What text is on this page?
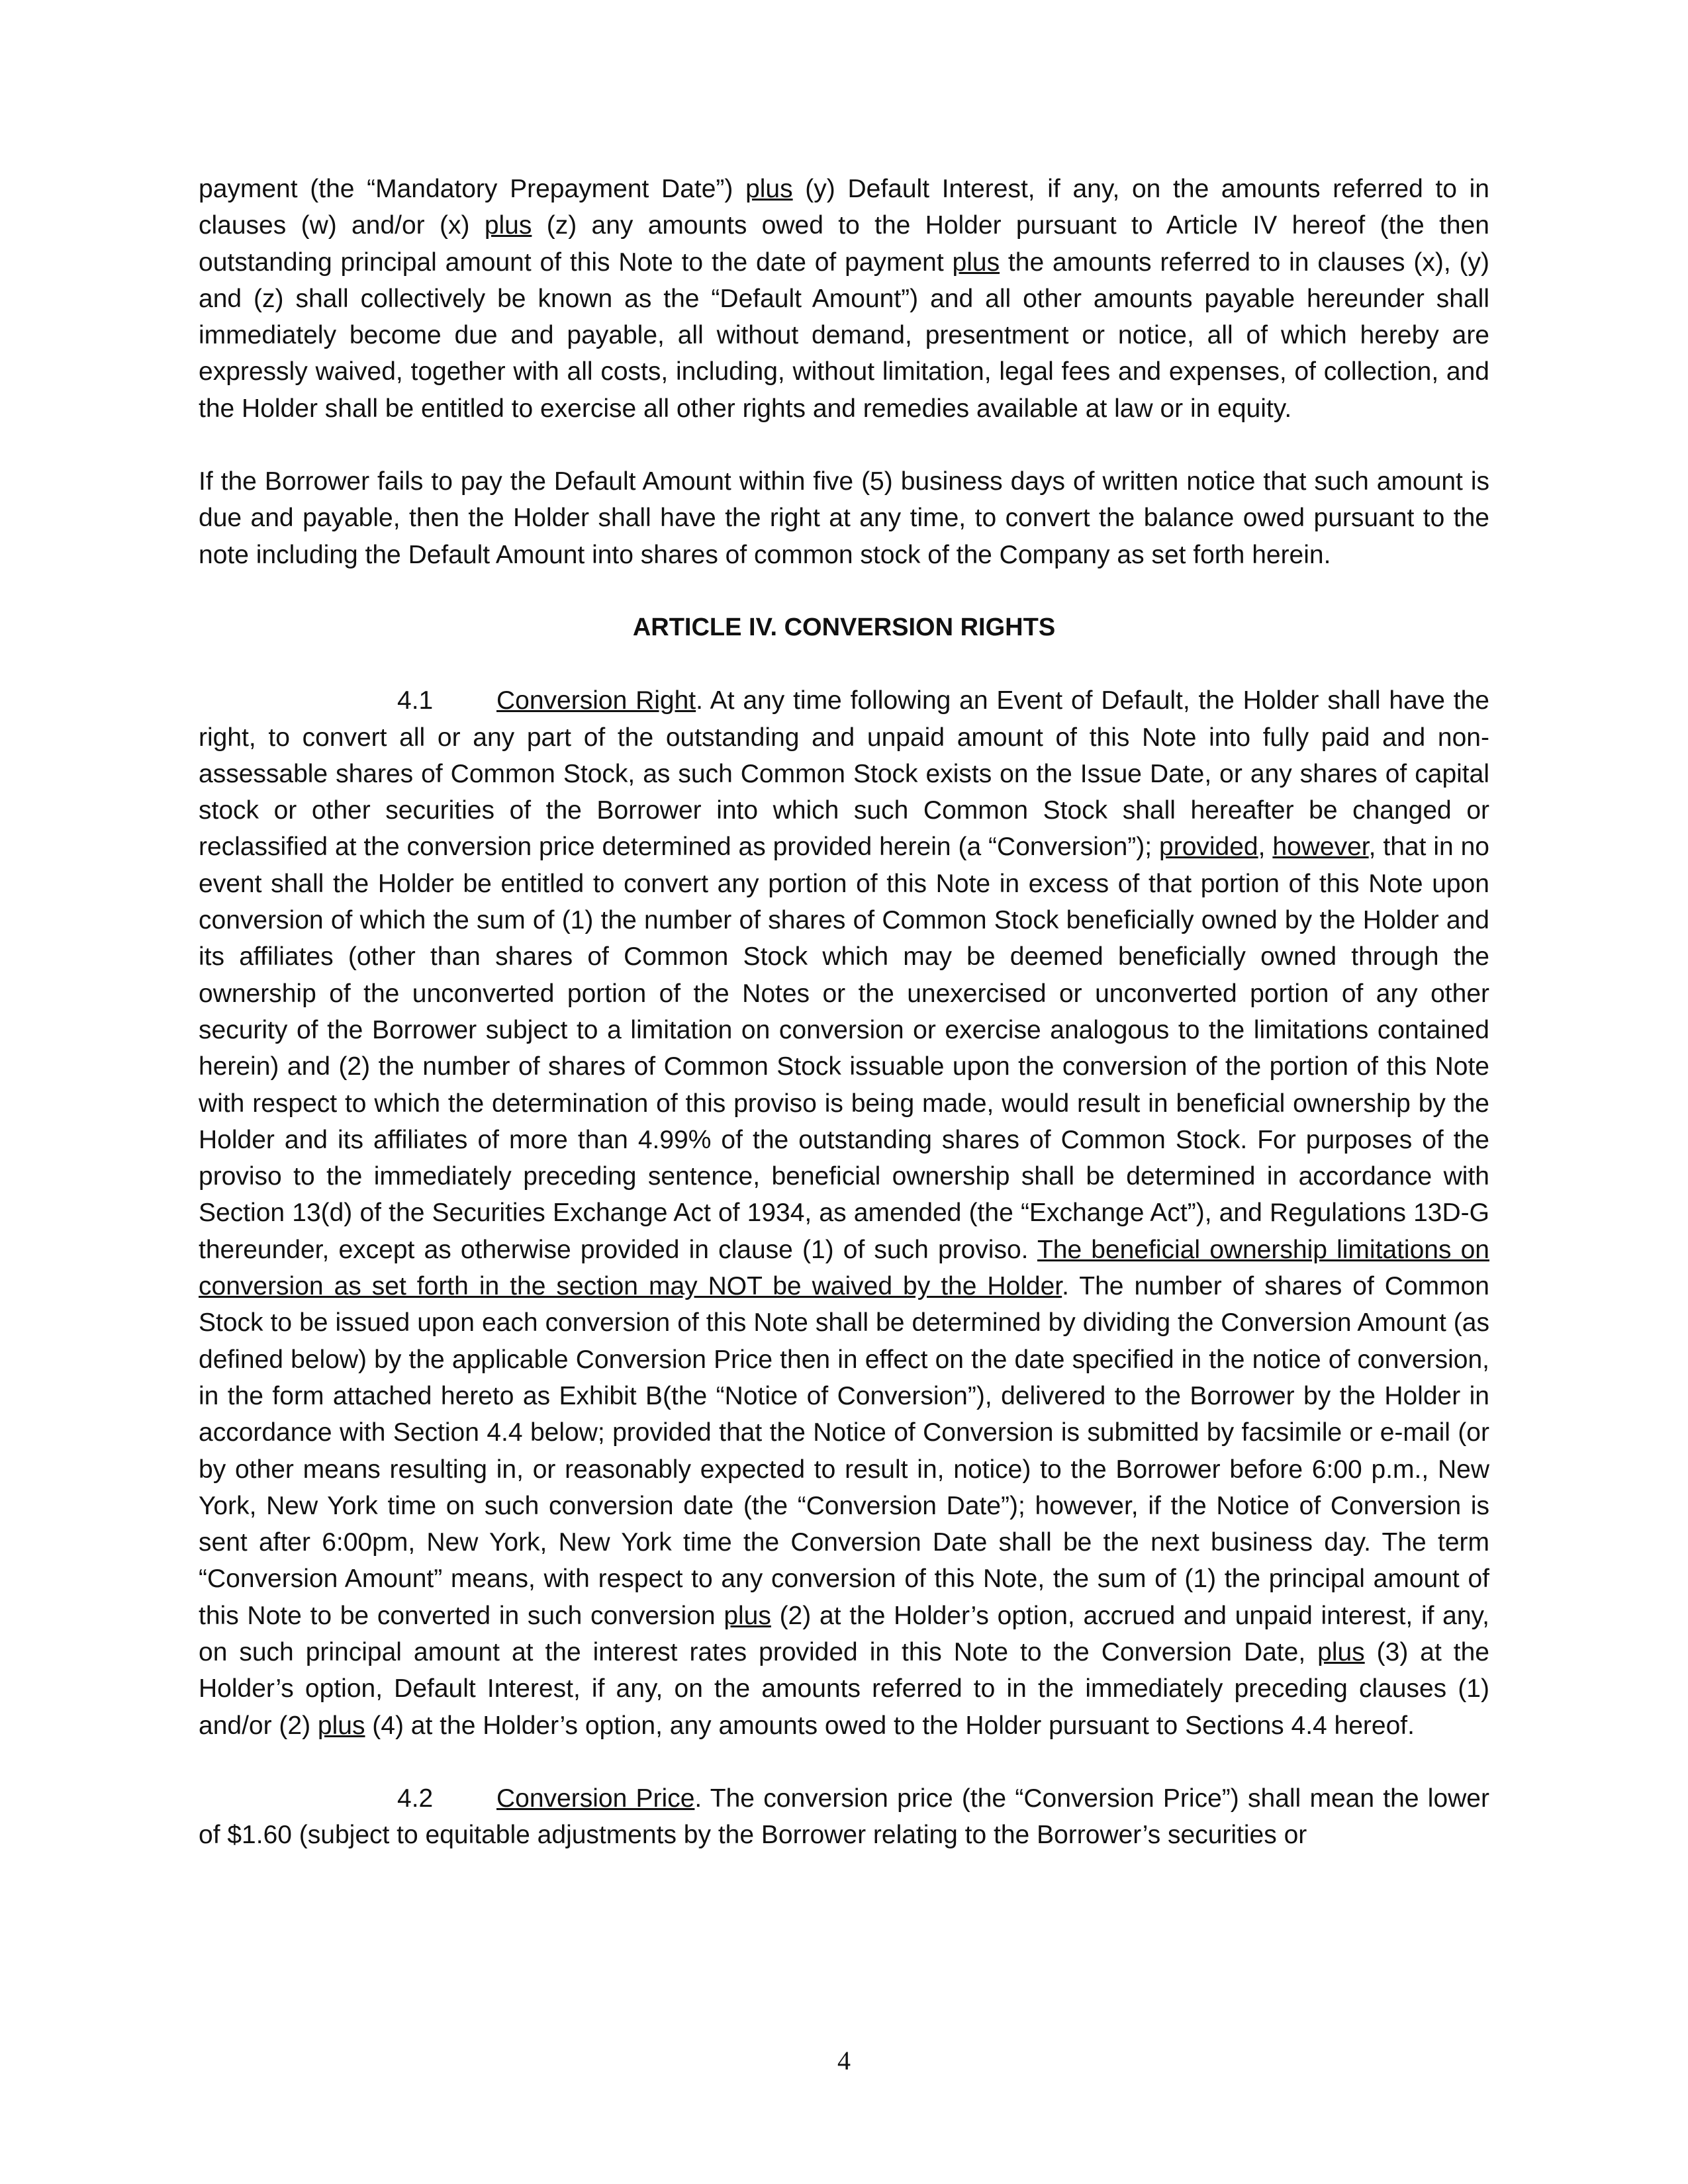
payment (the “Mandatory Prepayment Date”) plus (y) Default Interest, if any, on the amounts referred to in clauses (w) and/or (x) plus (z) any amounts owed to the Holder pursuant to Article IV hereof (the then outstanding principal amount of this Note to the date of payment plus the amounts referred to in clauses (x), (y) and (z) shall collectively be known as the “Default Amount”) and all other amounts payable hereunder shall immediately become due and payable, all without demand, presentment or notice, all of which hereby are expressly waived, together with all costs, including, without limitation, legal fees and expenses, of collection, and the Holder shall be entitled to exercise all other rights and remedies available at law or in equity.

If the Borrower fails to pay the Default Amount within five (5) business days of written notice that such amount is due and payable, then the Holder shall have the right at any time, to convert the balance owed pursuant to the note including the Default Amount into shares of common stock of the Company as set forth herein.

ARTICLE IV. CONVERSION RIGHTS

4.1 Conversion Right. At any time following an Event of Default, the Holder shall have the right, to convert all or any part of the outstanding and unpaid amount of this Note into fully paid and non-assessable shares of Common Stock, as such Common Stock exists on the Issue Date, or any shares of capital stock or other securities of the Borrower into which such Common Stock shall hereafter be changed or reclassified at the conversion price determined as provided herein (a “Conversion”); provided, however, that in no event shall the Holder be entitled to convert any portion of this Note in excess of that portion of this Note upon conversion of which the sum of (1) the number of shares of Common Stock beneficially owned by the Holder and its affiliates (other than shares of Common Stock which may be deemed beneficially owned through the ownership of the unconverted portion of the Notes or the unexercised or unconverted portion of any other security of the Borrower subject to a limitation on conversion or exercise analogous to the limitations contained herein) and (2) the number of shares of Common Stock issuable upon the conversion of the portion of this Note with respect to which the determination of this proviso is being made, would result in beneficial ownership by the Holder and its affiliates of more than 4.99% of the outstanding shares of Common Stock. For purposes of the proviso to the immediately preceding sentence, beneficial ownership shall be determined in accordance with Section 13(d) of the Securities Exchange Act of 1934, as amended (the “Exchange Act”), and Regulations 13D-G thereunder, except as otherwise provided in clause (1) of such proviso. The beneficial ownership limitations on conversion as set forth in the section may NOT be waived by the Holder. The number of shares of Common Stock to be issued upon each conversion of this Note shall be determined by dividing the Conversion Amount (as defined below) by the applicable Conversion Price then in effect on the date specified in the notice of conversion, in the form attached hereto as Exhibit B(the “Notice of Conversion”), delivered to the Borrower by the Holder in accordance with Section 4.4 below; provided that the Notice of Conversion is submitted by facsimile or e-mail (or by other means resulting in, or reasonably expected to result in, notice) to the Borrower before 6:00 p.m., New York, New York time on such conversion date (the “Conversion Date”); however, if the Notice of Conversion is sent after 6:00pm, New York, New York time the Conversion Date shall be the next business day. The term “Conversion Amount” means, with respect to any conversion of this Note, the sum of (1) the principal amount of this Note to be converted in such conversion plus (2) at the Holder’s option, accrued and unpaid interest, if any, on such principal amount at the interest rates provided in this Note to the Conversion Date, plus (3) at the Holder’s option, Default Interest, if any, on the amounts referred to in the immediately preceding clauses (1) and/or (2) plus (4) at the Holder’s option, any amounts owed to the Holder pursuant to Sections 4.4 hereof.

4.2 Conversion Price. The conversion price (the “Conversion Price”) shall mean the lower of $1.60 (subject to equitable adjustments by the Borrower relating to the Borrower’s securities or

4
